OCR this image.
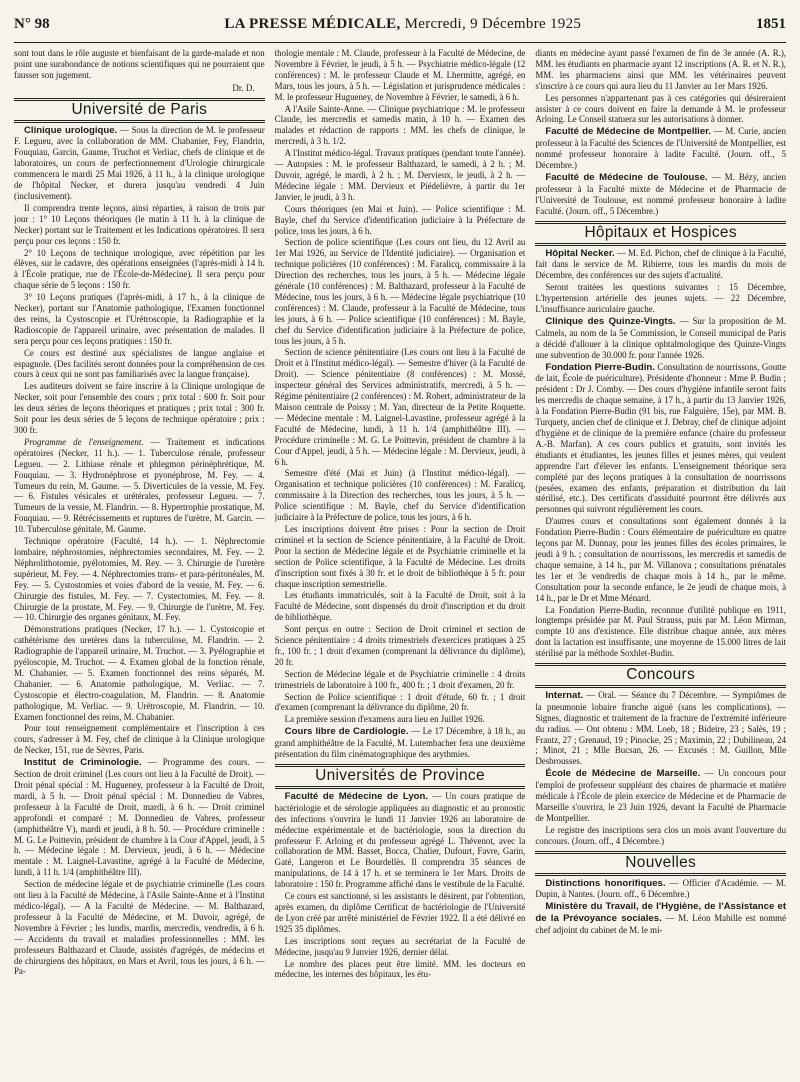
N° 98	LA PRESSE MÉDICALE, Mercredi, 9 Décembre 1925	1851

sont tout dans le rôle auguste et bienfaisant de la garde-malade et non point une surabondance de notions scientifiques qui ne pourraient que fausser son jugement.

Dr. D.
Université de Paris

Clinique urologique. — Sous la direction de M. le professeur F. Legueu, avec la collaboration de MM. Chabanier, Fey, Flandrin, Fouquiau, Garcin, Gaume, Truchot et Verliac, chefs de clinique et de laboratoires, un cours de perfectionnement d'Urologie chirurgicale commencera le mardi 25 Mai 1926, à 11 h., à la clinique urologique de l'hôpital Necker, et durera jusqu'au vendredi 4 Juin (inclusivement).

Il comprendra trente leçons, ainsi réparties, à raison de trois par jour : 1° 10 Leçons théoriques (le matin à 11 h. à la clinique de Necker) portant sur le Traitement et les Indications opératoires. Il sera perçu pour ces leçons : 150 fr.

2° 10 Leçons de technique urologique, avec répétition par les élèves, sur le cadavre, des opérations enseignées (l'après-midi à 14 h. à l'École pratique, rue de l'École-de-Médecine). Il sera perçu pour chaque série de 5 leçons : 150 fr.

3° 10 Leçons pratiques (l'après-midi, à 17 h., à la clinique de Necker), portant sur l'Anatomie pathologique, l'Examen fonctionnel des reins, la Cystoscopie et l'Urétroscopie, la Radiographie et la Radioscopie de l'appareil urinaire, avec présentation de malades. Il sera perçu pour ces leçons pratiques : 150 fr.

Ce cours est destiné aux spécialistes de langue anglaise et espagnole. (Des facilités seront données pour la compréhension de ces cours à ceux qui ne sont pas familiarisés avec la langue française).

Les auditeurs doivent se faire inscrire à la Clinique urologique de Necker, soit pour l'ensemble des cours ; prix total : 600 fr. Soit pour les deux séries de leçons théoriques et pratiques ; prix total : 300 fr. Soit pour les deux séries de 5 leçons de technique opératoire ; prix : 300 fr.

Programme de l'enseignement. — Traitement et indications opératoires (Necker, 11 h.). — 1. Tuberculose rénale, professeur Legueu. — 2. Lithiase rénale et phlegmon périnéphrétique, M. Fouquiau. — 3. Hydronéphrose et pyonéphrose, M. Fey. — 4. Tumeurs du rein, M. Gaume. — 5. Diverticules de la vessie, M. Fey. — 6. Fistules vésicales et urétérales, professeur Legueu. — 7. Tumeurs de la vessie, M. Flandrin. — 8. Hypertrophie prostatique, M. Fouquiau. — 9. Rétrécissements et ruptures de l'urètre, M. Garcin. — 10. Tuberculose génitale, M. Gaume.

Technique opératoire (Faculté, 14 h.). — 1. Néphrectomie lombaire, néphrostomies, néphrectomies secondaires, M. Fey. — 2. Néphrolithotomie, pyélotomies, M. Rey. — 3. Chirurgie de l'uretère supérieur, M. Fey. — 4. Néphrectomies trans- et para-péritonéales, M. Fey. — 5. Cystostomies et voies d'abord de la vessie, M. Fey. — 6. Chirurgie des fistules, M. Fey. — 7. Cystectomies, M. Fey. — 8. Chirurgie de la prostate, M. Fey. — 9. Chirurgie de l'urètre, M. Fey. — 10. Chirurgie des organes génitaux, M. Fey.

Démonstrations pratiques (Necker, 17 h.). — 1. Cystoscopie et cathétérisme des uretères dans la tuberculose, M. Flandrin. — 2. Radiographie de l'appareil urinaire, M. Truchot. — 3. Pyélographie et pyéloscopie, M. Truchot. — 4. Examen global de la fonction rénale, M. Chabanier. — 5. Examen fonctionnel des reins séparés, M. Chabanier. — 6. Anatomie pathologique, M. Verliac. — 7. Cystoscopie et électro-coagulation, M. Flandrin. — 8. Anatomie pathologique, M. Verliac. — 9. Urétroscopie, M. Flandrin. — 10. Examen fonctionnel des reins, M. Chabanier.

Pour tout renseignement complémentaire et l'inscription à ces cours, s'adresser à M. Fey, chef de clinique à la Clinique urologique de Necker, 151, rue de Sèvres, Paris.

Institut de Criminologie. — Programme des cours. — Section de droit criminel (Les cours ont lieu à la Faculté de Droit). — Droit pénal spécial : M. Hugueney, professeur à la Faculté de Droit, mardi, à 5 h. — Droit pénal spécial : M. Donnedieu de Vabres, professeur à la Faculté de Droit, mardi, à 6 h. — Droit criminel approfondi et comparé : M. Donnedieu de Vabres, professeur (amphithéâtre V), mardi et jeudi, à 8 h. 50. — Procédure criminelle : M. G. Le Poittevin, président de chambre à la Cour d'Appel, jeudi, à 5 h. — Médecine légale : M. Dervieux, jeudi, à 6 h. — Médecine mentale : M. Laignel-Lavastine, agrégé à la Faculté de Médecine, lundi, à 11 h. 1/4 (amphithéâtre III).

Section de médecine légale et de psychiatrie criminelle (Les cours ont lieu à la Faculté de Médecine, à l'Asile Sainte-Anne et à l'Institut médico-légal). — A la Faculté de Médecine. — M. Balthazard, professeur à la Faculté de Médecine, et M. Duvoir, agrégé, de Novembre à Février ; les lundis, mardis, mercredis, vendredis, à 6 h. — Accidents du travail et maladies professionnelles : MM. les professeurs Balthazard et Claude, assistés d'agrégés, de médecins et de chirurgiens des hôpitaux, en Mars et Avril, tous les jours, à 6 h. — Pa-

thologie mentale : M. Claude, professeur à la Faculté de Médecine, de Novembre à Février, le jeudi, à 5 h. — Psychiatrie médico-légale (12 conférences) : M. le professeur Claude et M. Lhermitte, agrégé, en Mars, tous les jours, à 5 h. — Législation et jurisprudence médicales : M. le professeur Hugueney, de Novembre à Février, le samedi, à 6 h.

A l'Asile Sainte-Anne. — Clinique psychiatrique : M. le professeur Claude, les mercredis et samedis matin, à 10 h. — Examen des malades et rédaction de rapports : MM. les chefs de clinique, le mercredi, à 3 h. 1/2.

A l'Institut médico-légal. Travaux pratiques (pendant toute l'année). — Autopsies : M. le professeur Balthazard, le samedi, à 2 h. ; M. Duvoir, agrégé, le mardi, à 2 h. ; M. Dervieux, le jeudi, à 2 h. — Médecine légale : MM. Dervieux et Piédelièvre, à partir du 1er Janvier, le jeudi, à 3 h.

Cours théoriques (en Mai et Juin). — Police scientifique : M. Bayle, chef du Service d'identification judiciaire à la Préfecture de police, tous les jours, à 6 h.

Section de police scientifique (Les cours ont lieu, du 12 Avril au 1er Mai 1926, au Service de l'Identité judiciaire). — Organisation et technique policières (10 conférences) : M. Faralicq, commissaire à la Direction des recherches, tous les jours, à 5 h. — Médecine légale générale (10 conférences) : M. Balthazard, professeur à la Faculté de Médecine, tous les jours, à 6 h. — Médecine légale psychiatrique (10 conférences) : M. Claude, professeur à la Faculté de Médecine, tous les jours, à 6 h. — Police scientifique (10 conférences) : M. Bayle, chef du Service d'identification judiciaire à la Préfecture de police, tous les jours, à 5 h.

Section de science pénitentiaire (Les cours ont lieu à la Faculté de Droit et à l'Institut médico-légal). — Semestre d'hiver (à la Faculté de Droit). — Science pénitentiaire (8 conférences) : M. Mossé, inspecteur général des Services administratifs, mercredi, à 5 h. — Régime pénitentiaire (2 conférences) : M. Robert, administrateur de la Maison centrale de Poissy ; M. Yan, directeur de la Petite Roquette. — Médecine mentale : M. Laignel-Lavastine, professeur agrégé à la Faculté de Médecine, lundi, à 11 h. 1/4 (amphithéâtre III). — Procédure criminelle : M. G. Le Poittevin, président de chambre à la Cour d'Appel, jeudi, à 5 h. — Médecine légale : M. Dervieux, jeudi, à 6 h.

Semestre d'été (Mai et Juin) (à l'Institut médico-légal). — Organisation et technique policières (10 conférences) : M. Faralicq, commissaire à la Direction des recherches, tous les jours, à 5 h. — Police scientifique : M. Bayle, chef du Service d'identification judiciaire à la Préfecture de police, tous les jours, à 6 h.

Les inscriptions doivent être prises : Pour la section de Droit criminel et la section de Science pénitentiaire, à la Faculté de Droit. Pour la section de Médecine légale et de Psychiatrie criminelle et la section de Police scientifique, à la Faculté de Médecine. Les droits d'inscription sont fixés à 30 fr. et le droit de bibliothèque à 5 fr. pour chaque inscription semestrielle.

Les étudiants immatriculés, soit à la Faculté de Droit, soit à la Faculté de Médecine, sont dispensés du droit d'inscription et du droit de bibliothèque.

Sont perçus en outre : Section de Droit criminel et section de Science pénitentiaire : 4 droits trimestriels d'exercices pratiques à 25 fr., 100 fr. ; 1 droit d'examen (comprenant la délivrance du diplôme), 20 fr.

Section de Médecine légale et de Psychiatrie criminelle : 4 droits trimestriels de laboratoire à 100 fr., 400 fr. ; 1 droit d'examen, 20 fr.

Section de Police scientifique : 1 droit d'étude, 60 fr. ; 1 droit d'examen (comprenant la délivrance du diplôme, 20 fr.

La première session d'examens aura lieu en Juillet 1926.

Cours libre de Cardiologie. — Le 17 Décembre, à 18 h., au grand amphithéâtre de la Faculté, M. Lutembacher fera une deuxième présentation du film cinématographique des arythmies.

Universités de Province

Faculté de Médecine de Lyon. — Un cours pratique de bactériologie et de sérologie appliquées au diagnostic et au pronostic des infections s'ouvrira le lundi 11 Janvier 1926 au laboratoire de médecine expérimentale et de bactériologie, sous la direction du professeur F. Arloing et du professeur agrégé L. Thévenot, avec la collaboration de MM. Basset, Bocca, Chalier, Dufourt, Favre, Garin, Gaté, Langeron et Le Bourdellès. Il comprendra 35 séances de manipulations, de 14 à 17 h. et se terminera le 1er Mars. Droits de laboratoire : 150 fr. Programme affiché dans le vestibule de la Faculté.

Ce cours est sanctionné, si les assistants le désirent, par l'obtention, après examen, du diplôme Certificat de bactériologie de l'Université de Lyon créé par arrêté ministériel de Février 1922. Il a été délivré en 1925 35 diplômes.

Les inscriptions sont reçues au secrétariat de la Faculté de Médecine, jusqu'au 9 Janvier 1926, dernier délai.

Le nombre des places peut être limité. MM. les docteurs en médecine, les internes des hôpitaux, les étu-

diants en médecine ayant passé l'examen de fin de 3e année (A. R.), MM. les étudiants en pharmacie ayant 12 inscriptions (A. R. et N. R.), MM. les pharmaciens ainsi que MM. les vétérinaires peuvent s'inscrire à ce cours qui aura lieu du 11 Janvier au 1er Mars 1926.

Les personnes n'appartenant pas à ces catégories qui désireraient assister à ce cours doivent en faire la demande à M. le professeur Arloing. Le Conseil statuera sur les autorisations à donner.

Faculté de Médecine de Montpellier. — M. Curie, ancien professeur à la Faculté des Sciences de l'Université de Montpellier, est nommé professeur honoraire à ladite Faculté. (Journ. off., 5 Décembre.)

Faculté de Médecine de Toulouse. — M. Bézy, ancien professeur à la Faculté mixte de Médecine et de Pharmacie de l'Université de Toulouse, est nommé professeur honoraire à ladite Faculté. (Journ. off., 5 Décembre.)

Hôpitaux et Hospices

Hôpital Necker. — M. Ed. Pichon, chef de clinique à la Faculté, fait dans le service de M. Ribierre, tous les mardis du mois de Décembre, des conférences sur des sujets d'actualité.

Seront traitées les questions suivantes : 15 Décembre, L'hypertension artérielle des jeunes sujets. — 22 Décembre, L'insuffisance auriculaire gauche.

Clinique des Quinze-Vingts. — Sur la proposition de M. Calmels, au nom de la 5e Commission, le Conseil municipal de Paris a décidé d'allouer à la clinique ophtalmologique des Quinze-Vingts une subvention de 30.000 fr. pour l'année 1926.

Fondation Pierre-Budin. Consultation de nourrissons, Goutte de lait, École de puériculture). Présidente d'honneur : Mme P. Budin ; président : Dr J. Comby. — Des cours d'hygiène infantile seront faits les mercredis de chaque semaine, à 17 h., à partir du 13 Janvier 1926, à la Fondation Pierre-Budin (91 bis, rue Falguière, 15e), par MM. B. Turquety, ancien chef de clinique et J. Debray, chef de clinique adjoint d'hygiène et de clinique de la première enfance (chaire du professeur A.-B. Marfan). A ces cours publics et gratuits, sont invités les étudiants et étudiantes, les jeunes filles et jeunes mères, qui veulent apprendre l'art d'élever les enfants. L'enseignement théorique sera complété par des leçons pratiques à la consultation de nourrissons (pesées, examen des enfants, préparation et distribution du lait stérilisé, etc.). Des certificats d'assiduité pourront être délivrés aux personnes qui suivront régulièrement les cours.

D'autres cours et consultations sont également donnés à la Fondation Pierre-Budin : Cours élémentaire de puériculture en quatre leçons par M. Dunnay, pour les jeunes filles des écoles primaires, le jeudi à 9 h. ; consultation de nourrissons, les mercredis et samedis de chaque semaine, à 14 h., par M. Villanova ; consultations prénatales les 1er et 3e vendredis de chaque mois à 14 h., par le même. Consultation pour la seconde enfance, le 2e jeudi de chaque mois, à 14 h., par le Dr et Mme Ménard.

La Fondation Pierre-Budin, reconnue d'utilité publique en 1911, longtemps présidée par M. Paul Strauss, puis par M. Léon Mirman, compte 10 ans d'existence. Elle distribue chaque année, aux mères dont la lactation est insuffisante, une moyenne de 15.000 litres de lait stérilisé par la méthode Soxhlet-Budin.

Concours

Internat. — Oral. — Séance du 7 Décembre. — Symptômes de la pneumonie lobaire franche aiguë (sans les complications). — Signes, diagnostic et traitement de la fracture de l'extrémité inférieure du radius. — Ont obtenu : MM. Loeb, 18 ; Bideire, 23 ; Salès, 19 ; Frantz, 27 ; Grenaud, 19 ; Pinocke, 25 ; Maximin, 22 ; Dubilineau, 24 ; Minot, 21 ; Mlle Bucsan, 26. — Excusés : M. Guillon, Mlle Desbrousses.

École de Médecine de Marseille. — Un concours pour l'emploi de professeur suppléant des chaires de pharmacie et matière médicale à l'École de plein exercice de Médecine et de Pharmacie de Marseille s'ouvrira, le 23 Juin 1926, devant la Faculté de Pharmacie de Montpellier.

Le registre des inscriptions sera clos un mois avant l'ouverture du concours. (Journ. off., 4 Décembre.)

Nouvelles

Distinctions honorifiques. — Officier d'Académie. — M. Dupin, à Nantes. (Journ. off., 6 Décembre.)

Ministère du Travail, de l'Hygiène, de l'Assistance et de la Prévoyance sociales. — M. Léon Mabille est nommé chef adjoint du cabinet de M. le mi-
